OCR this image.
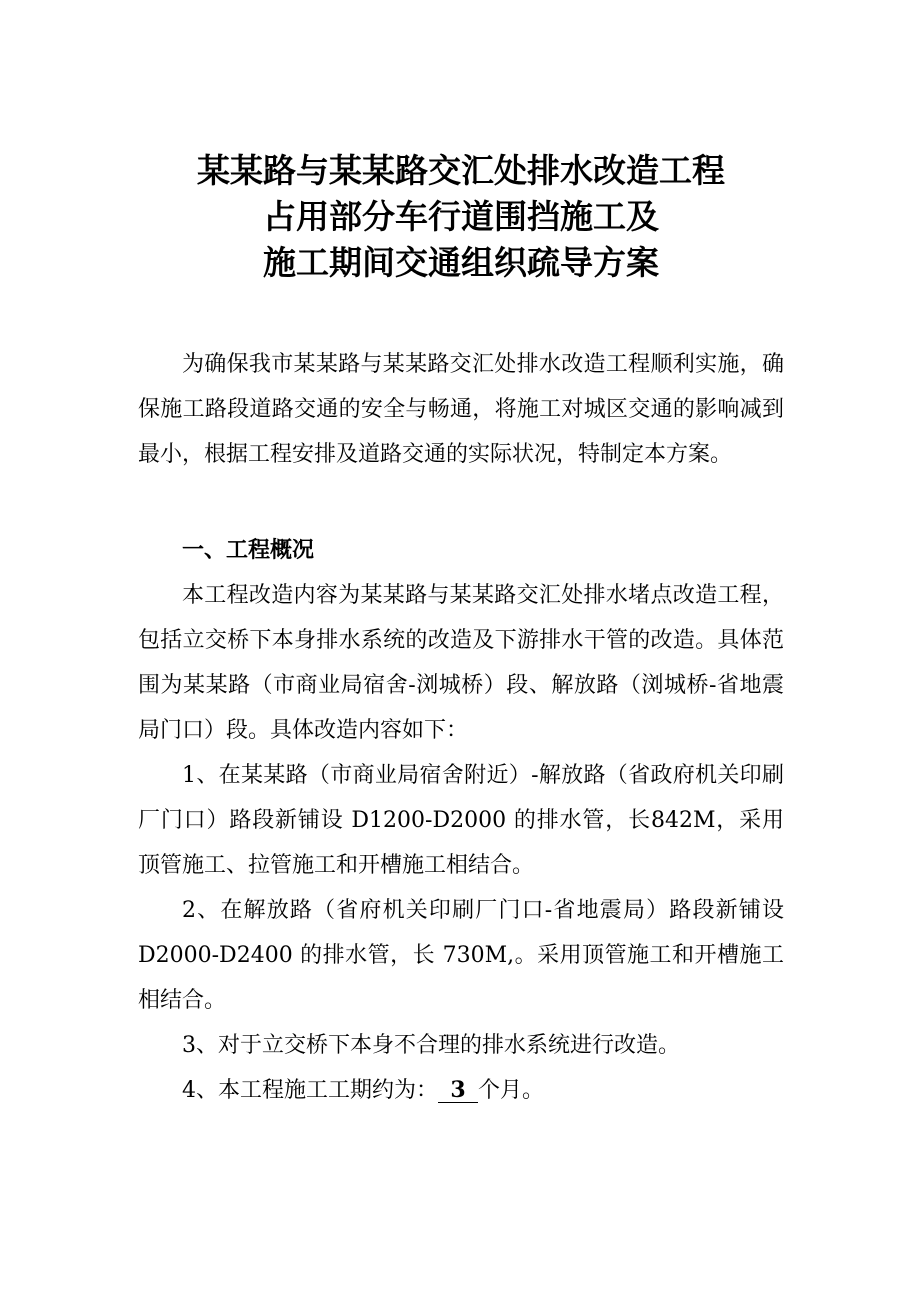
某某路与某某路交汇处排水改造工程
占用部分车行道围挡施工及
施工期间交通组织疏导方案

为确保我市某某路与某某路交汇处排水改造工程顺利实施，确保施工路段道路交通的安全与畅通，将施工对城区交通的影响减到最小，根据工程安排及道路交通的实际状况，特制定本方案。

一、工程概况

本工程改造内容为某某路与某某路交汇处排水堵点改造工程，包括立交桥下本身排水系统的改造及下游排水干管的改造。具体范围为某某路（市商业局宿舍-浏城桥）段、解放路（浏城桥-省地震局门口）段。具体改造内容如下：

1、在某某路（市商业局宿舍附近）-解放路（省政府机关印刷厂门口）路段新铺设 D1200-D2000 的排水管，长842M，采用顶管施工、拉管施工和开槽施工相结合。

2、在解放路（省府机关印刷厂门口-省地震局）路段新铺设 D2000-D2400 的排水管，长 730M,。采用顶管施工和开槽施工相结合。

3、对于立交桥下本身不合理的排水系统进行改造。

4、本工程施工工期约为： 3 个月。
